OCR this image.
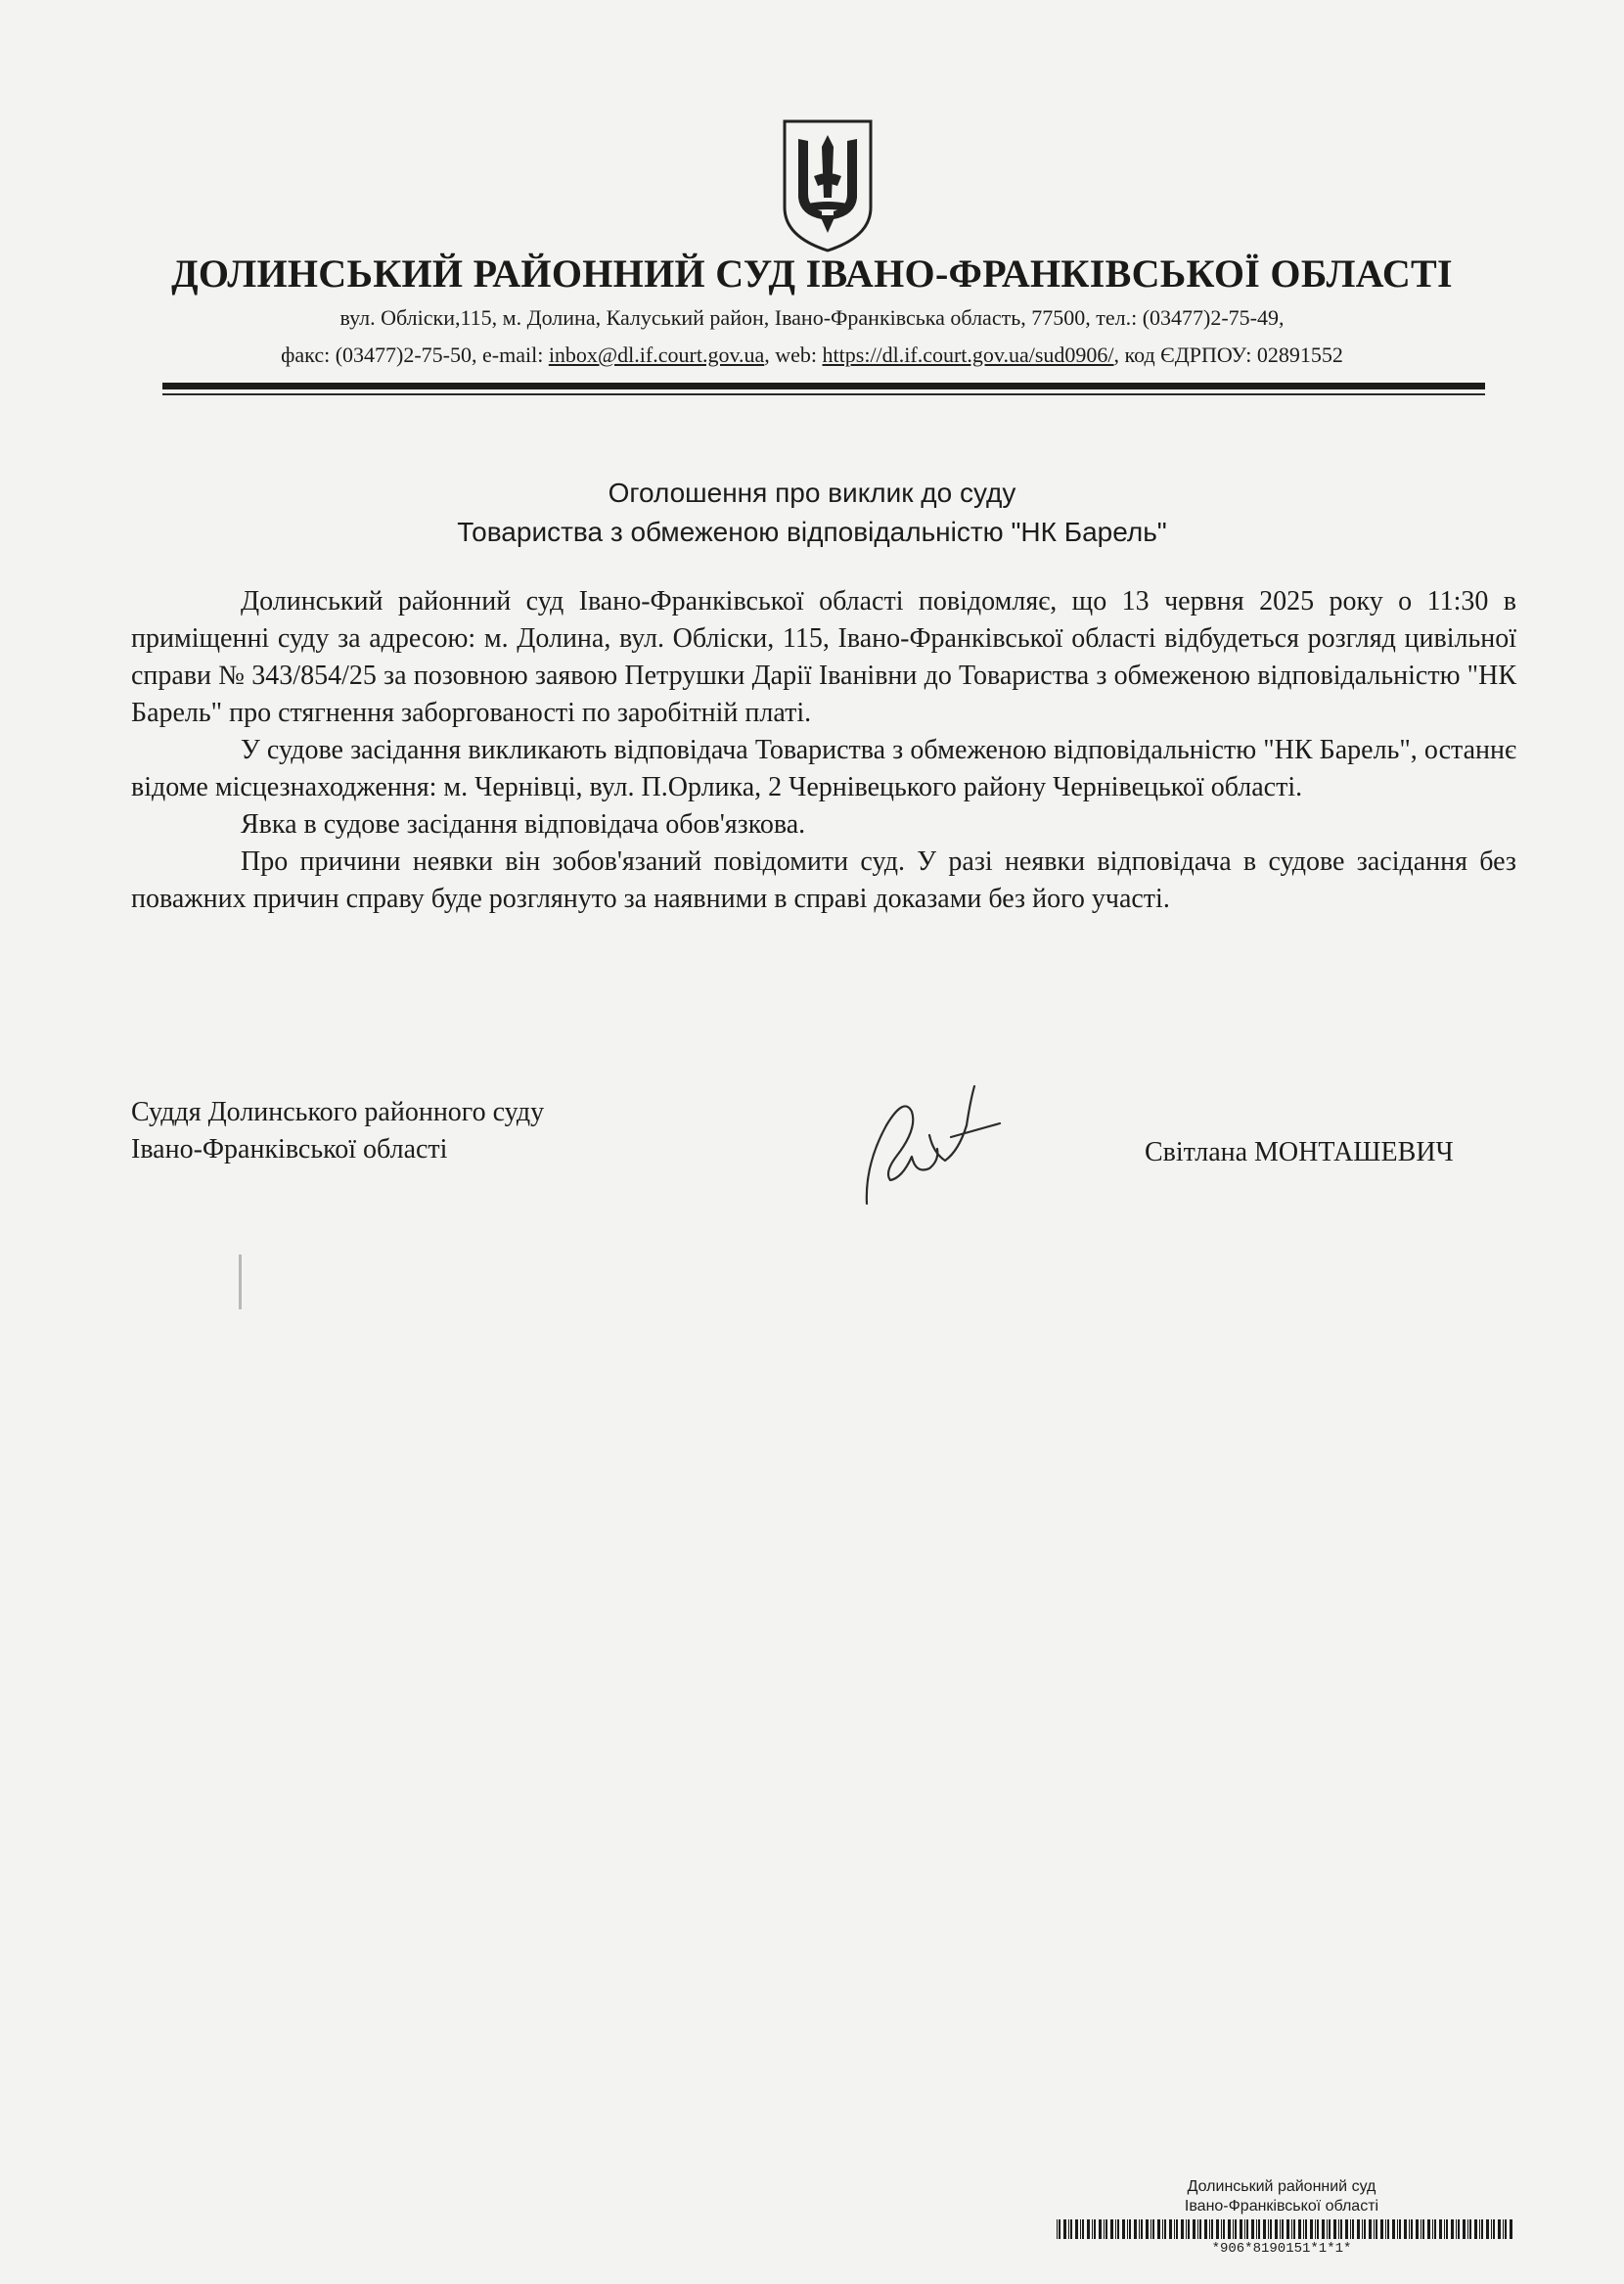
ДОЛИНСЬКИЙ РАЙОННИЙ СУД ІВАНО-ФРАНКІВСЬКОЇ ОБЛАСТІ
вул. Обліски,115, м. Долина, Калуський район, Івано-Франківська область, 77500, тел.: (03477)2-75-49,
факс: (03477)2-75-50, e-mail: inbox@dl.if.court.gov.ua, web: https://dl.if.court.gov.ua/sud0906/, код ЄДРПОУ: 02891552
Оголошення про виклик до суду
Товариства з обмеженою відповідальністю "НК Барель"

Долинський районний суд Івано-Франківської області повідомляє, що 13 червня 2025 року о 11:30 в приміщенні суду за адресою: м. Долина, вул. Обліски, 115, Івано-Франківської області відбудеться розгляд цивільної справи № 343/854/25 за позовною заявою Петрушки Дарії Іванівни до Товариства з обмеженою відповідальністю "НК Барель" про стягнення заборгованості по заробітній платі.

У судове засідання викликають відповідача Товариства з обмеженою відповідальністю "НК Барель", останнє відоме місцезнаходження: м. Чернівці, вул. П.Орлика, 2 Чернівецького району Чернівецької області.

Явка в судове засідання відповідача обов'язкова.

Про причини неявки він зобов'язаний повідомити суд. У разі неявки відповідача в судове засідання без поважних причин справу буде розглянуто за наявними в справі доказами без його участі.

Суддя Долинського районного суду
Івано-Франківської області	Світлана МОНТАШЕВИЧ
Долинський районний суд
Івано-Франківської області
*906*8190151*1*1*
